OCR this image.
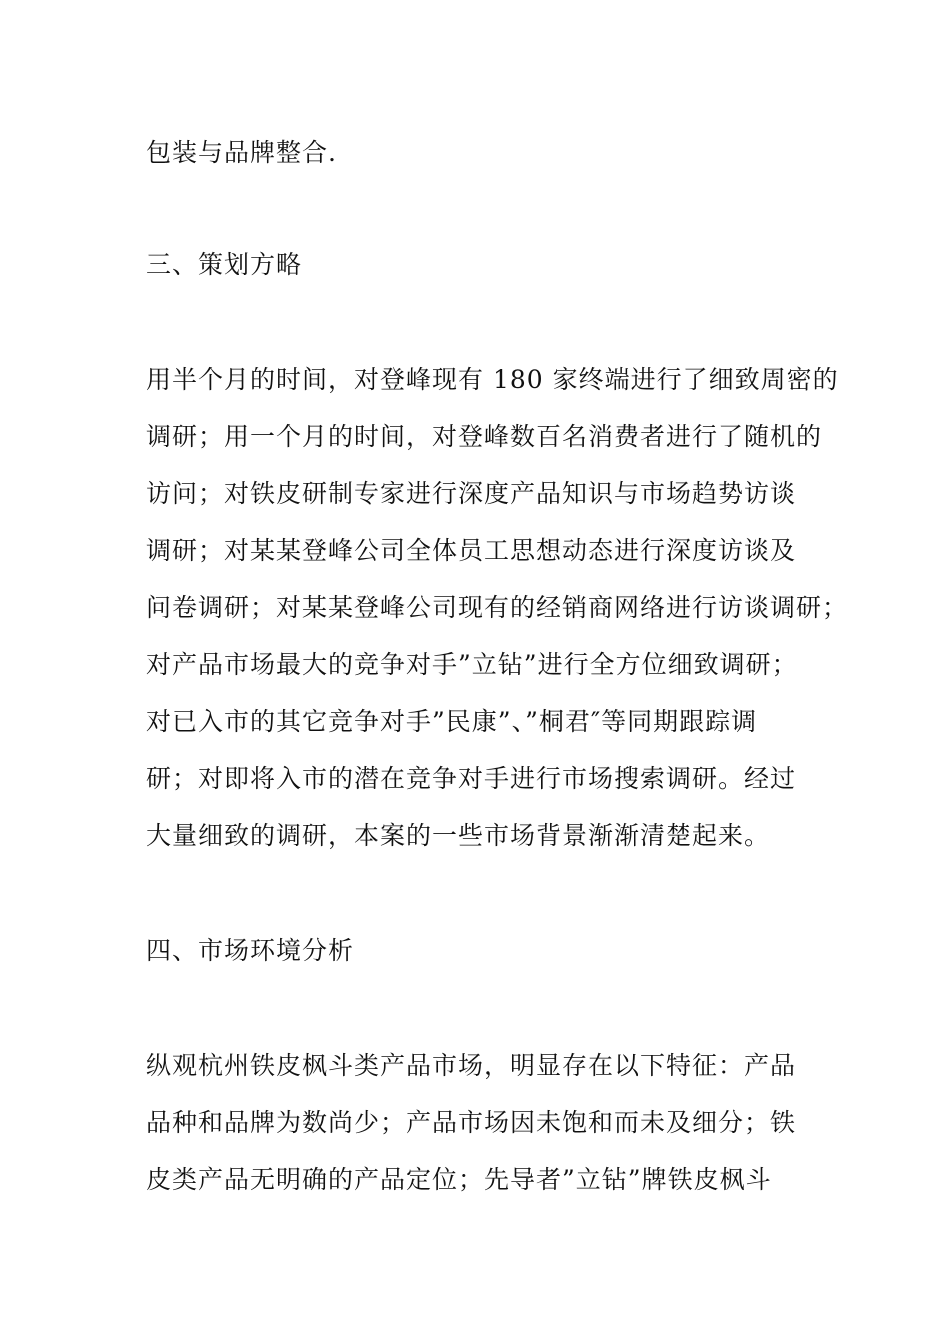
包装与品牌整合.
三、策划方略
用半个月的时间，对登峰现有 180 家终端进行了细致周密的
调研；用一个月的时间，对登峰数百名消费者进行了随机的
访问；对铁皮研制专家进行深度产品知识与市场趋势访谈
调研；对某某登峰公司全体员工思想动态进行深度访谈及
问卷调研；对某某登峰公司现有的经销商网络进行访谈调研；
对产品市场最大的竞争对手”立钻”进行全方位细致调研；
对已入市的其它竞争对手”民康”、”桐君″等同期跟踪调
研；对即将入市的潜在竞争对手进行市场搜索调研。经过
大量细致的调研，本案的一些市场背景渐渐清楚起来。
四、市场环境分析
纵观杭州铁皮枫斗类产品市场，明显存在以下特征：产品
品种和品牌为数尚少；产品市场因未饱和而未及细分；铁
皮类产品无明确的产品定位；先导者”立钻”牌铁皮枫斗
